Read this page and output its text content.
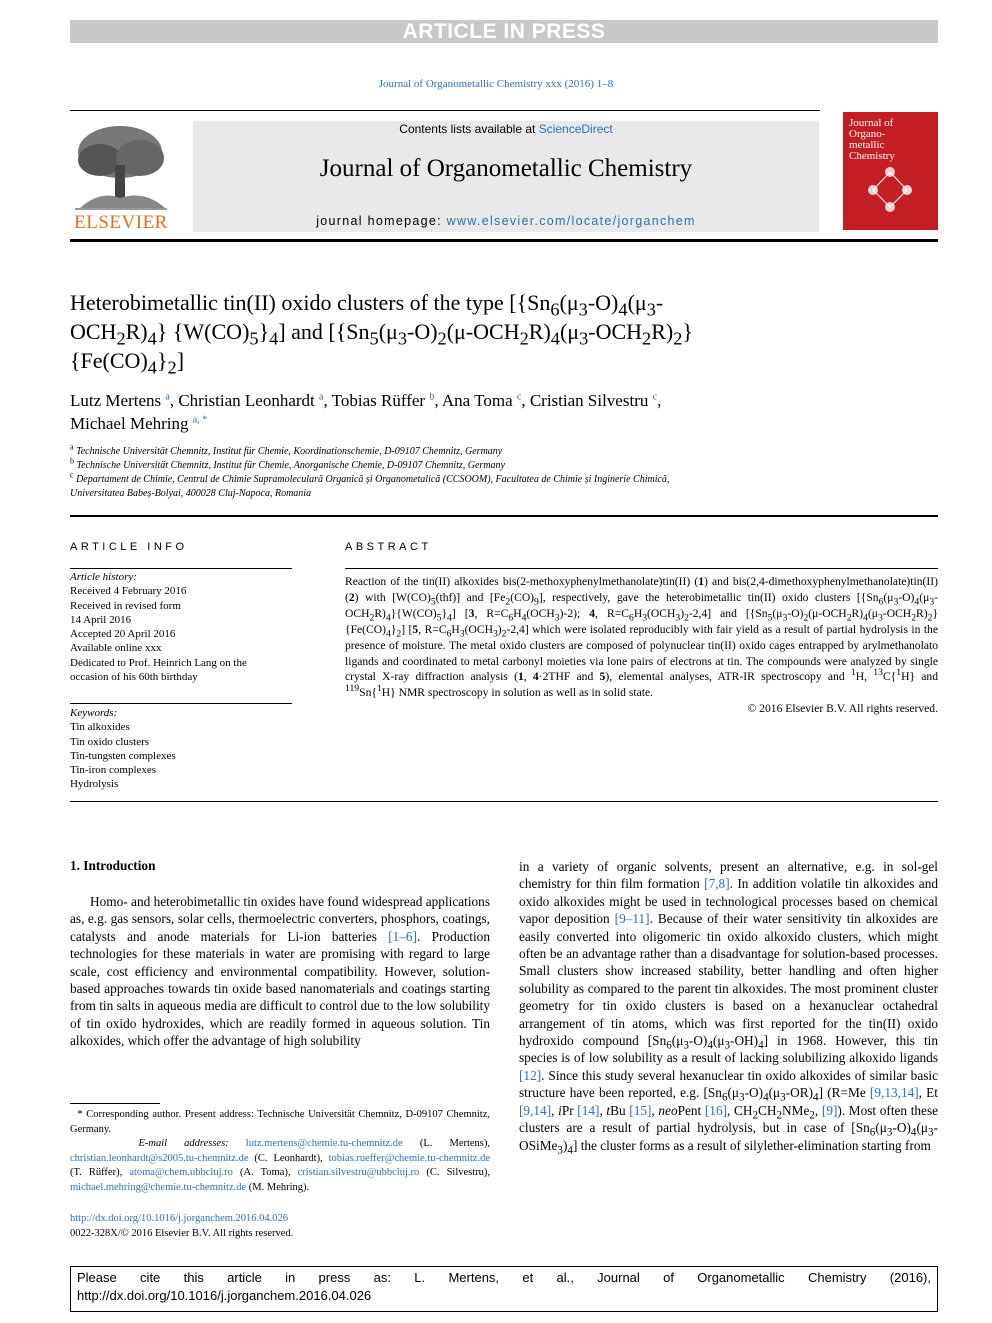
ARTICLE IN PRESS
Journal of Organometallic Chemistry xxx (2016) 1–8
ELSEVIER
Contents lists available at ScienceDirect
Journal of Organometallic Chemistry
journal homepage: www.elsevier.com/locate/jorganchem
Journal of Organo-metallic Chemistry
Heterobimetallic tin(II) oxido clusters of the type [{$Sn_6(\mu_3-O)_4(\mu_3-$
$OCH_2R)_4$} $\{W(CO)_5\}_4$] and [$\{Sn_5(\mu_3-O)_2(\mu-OCH_2R)_4(\mu_3-OCH_2R)_2\}$
$\{Fe(CO)_4\}_2$]
Lutz Mertens $^a$, Christian Leonhardt $^a$, Tobias Rüffer $^b$, Ana Toma $^c$, Cristian Silvestru $^c$,
Michael Mehring $^{a, *}$
$^a$ Technische Universität Chemnitz, Institut für Chemie, Koordinationschemie, D-09107 Chemnitz, Germany
$^b$ Technische Universität Chemnitz, Institut für Chemie, Anorganische Chemie, D-09107 Chemnitz, Germany
$^c$ Departament de Chimie, Centrul de Chimie Supramoleculară Organică și Organometalică (CCSOOM), Facultatea de Chimie și Inginerie Chimică,
Universitatea Babeș-Bolyai, 400028 Cluj-Napoca, Romania
ARTICLE INFO
Article history:
Received 4 February 2016
Received in revised form
14 April 2016
Accepted 20 April 2016
Available online xxx
Dedicated to Prof. Heinrich Lang on the
occasion of his 60th birthday
Keywords:
Tin alkoxides
Tin oxido clusters
Tin-tungsten complexes
Tin-iron complexes
Hydrolysis
ABSTRACT
Reaction of the tin(II) alkoxides bis(2-methoxyphenylmethanolate)tin(II) (1) and bis(2,4-dimethoxyphenylmethanolate)tin(II) (2) with $[W(CO)_5(thf)]$ and $[Fe_2(CO)_9]$, respectively, gave the heterobimetallic tin(II) oxido clusters $[\{Sn_6(\mu_3-O)_4(\mu_3-OCH_2R)_4\}\{W(CO)_5\}_4]$ [3, $R=C_6H_4(OCH_3)-2$); 4, $R=C_6H_3(OCH_3)_2-2,4$] and $[\{Sn_5(\mu_3-O)_2(\mu-OCH_2R)_4(\mu_3-OCH_2R)_2\}\{Fe(CO)_4\}_2]$ [5, $R=C_6H_3(OCH_3)_2-2,4$] which were isolated reproducibly with fair yield as a result of partial hydrolysis in the presence of moisture. The metal oxido clusters are composed of polynuclear tin(II) oxido cages entrapped by arylmethanolato ligands and coordinated to metal carbonyl moieties via lone pairs of electrons at tin. The compounds were analyzed by single crystal X-ray diffraction analysis (1, 4·2THF and 5), elemental analyses, ATR-IR spectroscopy and $^1$H, $^{13}$C{$^1$H} and $^{119}$Sn{$^1$H} NMR spectroscopy in solution as well as in solid state.
© 2016 Elsevier B.V. All rights reserved.
1. Introduction
Homo- and heterobimetallic tin oxides have found widespread applications as, e.g. gas sensors, solar cells, thermoelectric converters, phosphors, coatings, catalysts and anode materials for Li-ion batteries [1–6]. Production technologies for these materials in water are promising with regard to large scale, cost efficiency and environmental compatibility. However, solution-based approaches towards tin oxide based nanomaterials and coatings starting from tin salts in aqueous media are difficult to control due to the low solubility of tin oxido hydroxides, which are readily formed in aqueous solution. Tin alkoxides, which offer the advantage of high solubility
in a variety of organic solvents, present an alternative, e.g. in sol-gel chemistry for thin film formation [7,8]. In addition volatile tin alkoxides and oxido alkoxides might be used in technological processes based on chemical vapor deposition [9–11]. Because of their water sensitivity tin alkoxides are easily converted into oligomeric tin oxido alkoxido clusters, which might often be an advantage rather than a disadvantage for solution-based processes. Small clusters show increased stability, better handling and often higher solubility as compared to the parent tin alkoxides. The most prominent cluster geometry for tin oxido clusters is based on a hexanuclear octahedral arrangement of tin atoms, which was first reported for the tin(II) oxido hydroxido compound $[Sn_6(\mu_3-O)_4(\mu_3-OH)_4]$ in 1968. However, this tin species is of low solubility as a result of lacking solubilizing alkoxido ligands [12]. Since this study several hexanuclear tin oxido alkoxides of similar basic structure have been reported, e.g. $[Sn_6(\mu_3-O)_4(\mu_3-OR)_4]$ (R=Me [9,13,14], Et [9,14], iPr [14], tBu [15], neoPent [16], $CH_2CH_2NMe_2$, [9]). Most often these clusters are a result of partial hydrolysis, but in case of $[Sn_6(\mu_3-O)_4(\mu_3-OSiMe_3)_4]$ the cluster forms as a result of silylether-elimination starting from
* Corresponding author. Present address: Technische Universität Chemnitz, D-09107 Chemnitz, Germany.
E-mail addresses: lutz.mertens@chemie.tu-chemnitz.de (L. Mertens), christian.leonhardt@s2005.tu-chemnitz.de (C. Leonhardt), tobias.rueffer@chemie.tu-chemnitz.de (T. Rüffer), atoma@chem.ubbcluj.ro (A. Toma), cristian.silvestru@ubbcluj.ro (C. Silvestru), michael.mehring@chemie.tu-chemnitz.de (M. Mehring).
http://dx.doi.org/10.1016/j.jorganchem.2016.04.026
0022-328X/© 2016 Elsevier B.V. All rights reserved.
Please cite this article in press as: L. Mertens, et al., Journal of Organometallic Chemistry (2016), http://dx.doi.org/10.1016/j.jorganchem.2016.04.026
